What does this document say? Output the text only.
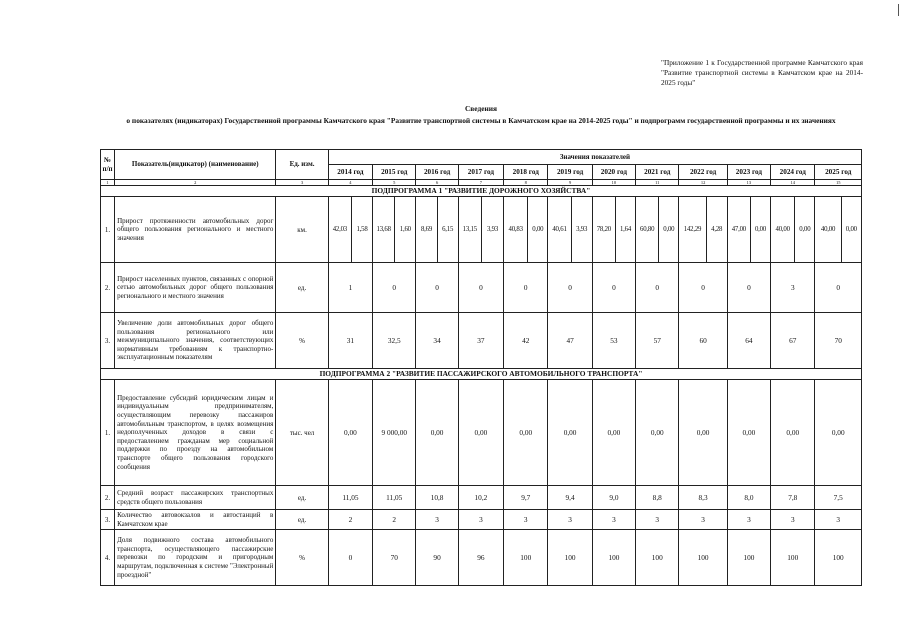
"Приложение 1 к Государственной программе Камчатского края "Развитие транспортной системы в Камчатском крае на 2014-2025 годы"
Сведения
о показателях (индикаторах) Государственной программы Камчатского края "Развитие транспортной системы в Камчатском крае на 2014-2025 годы" и подпрограмм государственной программы и их значениях
№ п/п	Показатель(индикатор) (наименование)	Ед. изм.	Значения показателей																							
			2014 год		2015 год		2016 год		2017 год		2018 год		2019 год		2020 год		2021 год		2022 год		2023 год		2024 год		2025 год	
1	2	3	4		5		6		7		8		9		10		11		12		13		14		15	
ПОДПРОГРАММА 1 "РАЗВИТИЕ ДОРОЖНОГО ХОЗЯЙСТВА"																										
1.	Прирост протяженности автомобильных дорог общего пользования регионального и местного значения	км.	42,03	1,58	13,68	1,60	8,69	6,15	13,15	3,93	40,83	0,00	40,61	3,93	78,20	1,64	60,80	0,00	142,29	4,28	47,00	0,00	40,00	0,00	40,00	0,00
2.	Прирост населенных пунктов, связанных с опорной сетью автомобильных дорог общего пользования регионального и местного значения	ед.	1		0		0		0		0		0		0		0		0		0		3		0	
3.	Увеличение доли автомобильных дорог общего пользования регионального или межмуниципального значения, соответствующих нормативным требованиям к транспортно-эксплуатационным показателям	%	31		32,5		34		37		42		47		53		57		60		64		67		70	
ПОДПРОГРАММА 2 "РАЗВИТИЕ ПАССАЖИРСКОГО АВТОМОБИЛЬНОГО ТРАНСПОРТА"																										
1.	Предоставление субсидий юридическим лицам и индивидуальным предпринимателям, осуществляющим перевозку пассажиров автомобильным транспортом, в целях возмещения недополученных доходов в связи с предоставлением гражданам мер социальной поддержки по проезду на автомобильном транспорте общего пользования городского сообщения	тыс. чел	0,00		9 000,00		0,00		0,00		0,00		0,00		0,00		0,00		0,00		0,00		0,00		0,00	
2.	Средний возраст пассажирских транспортных средств общего пользования	ед.	11,05		11,05		10,8		10,2		9,7		9,4		9,0		8,8		8,3		8,0		7,8		7,5	
3.	Количество автовокзалов и автостанций в Камчатском крае	ед.	2		2		3		3		3		3		3		3		3		3		3		3	
4.	Доля подвижного состава автомобильного транспорта, осуществляющего пассажирские перевозки по городским и пригородным маршрутам, подключенная к системе "Электронный проездной"	%	0		70		90		96		100		100		100		100		100		100		100		100	
